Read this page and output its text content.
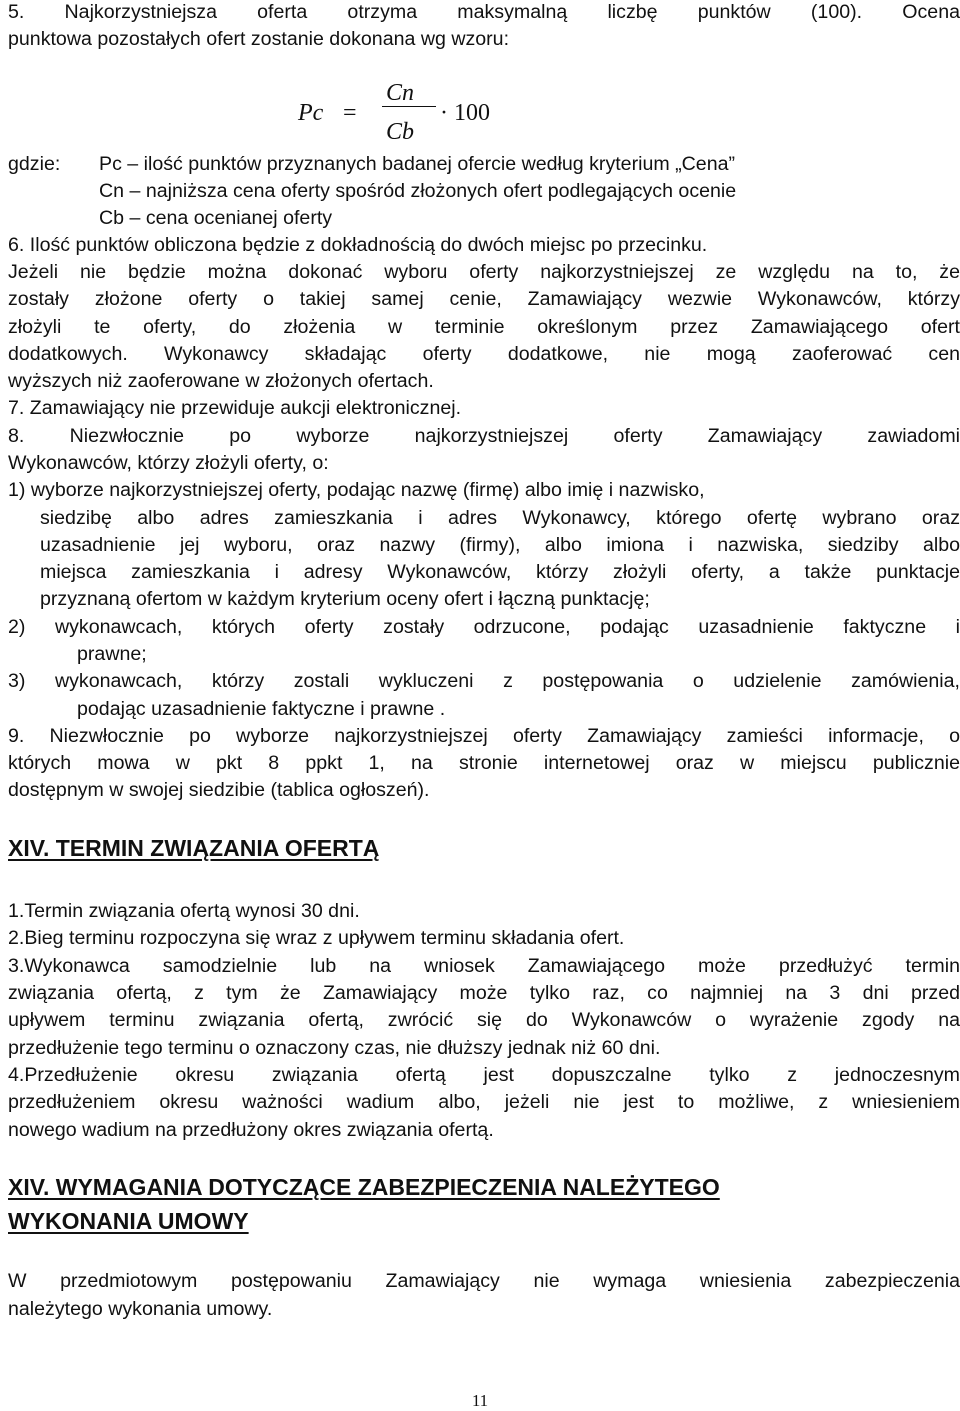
5. Najkorzystniejsza oferta otrzyma maksymalną liczbę punktów (100). Ocena
punktowa pozostałych ofert zostanie dokonana wg wzoru:
Pc =
Cn
Cb
· 100
gdzie: Pc – ilość punktów przyznanych badanej ofercie według kryterium „Cena”
Cn – najniższa cena oferty spośród złożonych ofert podlegających ocenie
Cb – cena ocenianej oferty
6. Ilość punktów obliczona będzie z dokładnością do dwóch miejsc po przecinku.
Jeżeli nie będzie można dokonać wyboru oferty najkorzystniejszej ze względu na to, że
zostały złożone oferty o takiej samej cenie, Zamawiający wezwie Wykonawców, którzy
złożyli te oferty, do złożenia w terminie określonym przez Zamawiającego ofert
dodatkowych. Wykonawcy składając oferty dodatkowe, nie mogą zaoferować cen
wyższych niż zaoferowane w złożonych ofertach.
7. Zamawiający nie przewiduje aukcji elektronicznej.
8. Niezwłocznie po wyborze najkorzystniejszej oferty Zamawiający zawiadomi
Wykonawców, którzy złożyli oferty, o:
1) wyborze najkorzystniejszej oferty, podając nazwę (firmę) albo imię i nazwisko,
siedzibę albo adres zamieszkania i adres Wykonawcy, którego ofertę wybrano oraz
uzasadnienie jej wyboru, oraz nazwy (firmy), albo imiona i nazwiska, siedziby albo
miejsca zamieszkania i adresy Wykonawców, którzy złożyli oferty, a także punktacje
przyznaną ofertom w każdym kryterium oceny ofert i łączną punktację;
2) wykonawcach, których oferty zostały odrzucone, podając uzasadnienie faktyczne i
prawne;
3) wykonawcach, którzy zostali wykluczeni z postępowania o udzielenie zamówienia,
podając uzasadnienie faktyczne i prawne .
9. Niezwłocznie po wyborze najkorzystniejszej oferty Zamawiający zamieści informacje, o
których mowa w pkt 8 ppkt 1, na stronie internetowej oraz w miejscu publicznie
dostępnym w swojej siedzibie (tablica ogłoszeń).
XIV. TERMIN ZWIĄZANIA OFERTĄ
1.Termin związania ofertą wynosi 30 dni.
2.Bieg terminu rozpoczyna się wraz z upływem terminu składania ofert.
3.Wykonawca samodzielnie lub na wniosek Zamawiającego może przedłużyć termin
związania ofertą, z tym że Zamawiający może tylko raz, co najmniej na 3 dni przed
upływem terminu związania ofertą, zwrócić się do Wykonawców o wyrażenie zgody na
przedłużenie tego terminu o oznaczony czas, nie dłuższy jednak niż 60 dni.
4.Przedłużenie okresu związania ofertą jest dopuszczalne tylko z jednoczesnym
przedłużeniem okresu ważności wadium albo, jeżeli nie jest to możliwe, z wniesieniem
nowego wadium na przedłużony okres związania ofertą.
XIV. WYMAGANIA DOTYCZĄCE ZABEZPIECZENIA NALEŻYTEGO
WYKONANIA UMOWY
W przedmiotowym postępowaniu Zamawiający nie wymaga wniesienia zabezpieczenia
należytego wykonania umowy.
11
